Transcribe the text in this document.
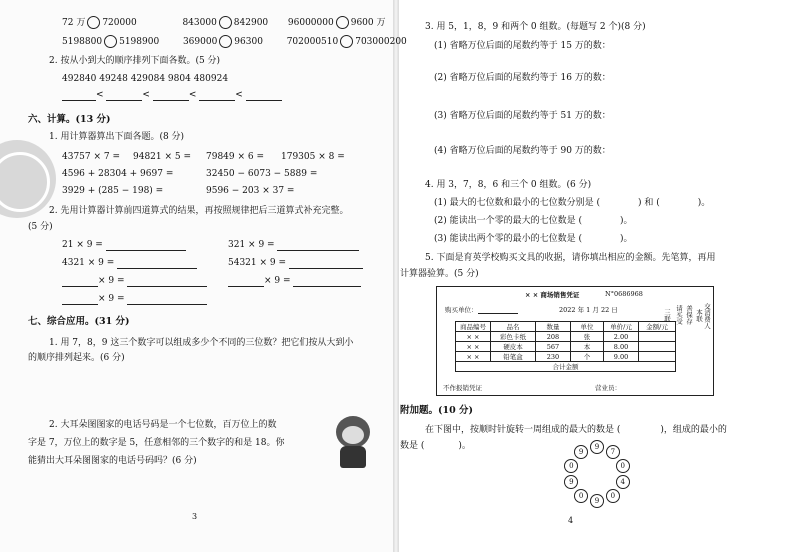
72 万 720000	843000 842900 96000000 9600 万
5198800 5198900	369000 96300	702000510 703000200
2. 按从小到大的顺序排列下面各数。(5 分)
492840 49248 429084 9804 480924
<	<	<	<
六、计算。(13 分)
1. 用计算器算出下面各题。(8 分)
43757 × 7 = 94821 × 5 = 79849 × 6 = 179305 × 8 =
4596 + 28304 + 9697 =	32450 − 6073 − 5889 =
3929 + (285 − 198) =	9596 − 203 × 37 =
2. 先用计算器计算前四道算式的结果，再按照规律把后三道算式补充完整。
(5 分)
21 × 9 =	321 × 9 =
4321 × 9 =	54321 × 9 =
× 9 =	× 9 =
× 9 =
七、综合应用。(31 分)
1. 用 7，8，9 这三个数字可以组成多少个不同的三位数？把它们按从大到小
的顺序排列起来。(6 分)
2. 大耳朵图图家的电话号码是一个七位数，百万位上的数
字是 7，万位上的数字是 5，任意相邻的三个数字的和是 18。你
能猜出大耳朵图图家的电话号码吗？(6 分)
3
3. 用 5，1，8，9 和两个 0 组数。(每题写 2 个)(8 分)
(1) 省略万位后面的尾数约等于 15 万的数：
(2) 省略万位后面的尾数约等于 16 万的数：
(3) 省略万位后面的尾数约等于 51 万的数：
(4) 省略万位后面的尾数约等于 90 万的数：
4. 用 3，7，8，6 和三个 0 组数。(6 分)
(1) 最大的七位数和最小的七位数分别是 (	) 和 (	)。
(2) 能读出一个零的最大的七位数是 (	)。
(3) 能读出两个零的最小的七位数是 (	)。
5. 下面是育英学校购买文具的收据，请你填出相应的金额。先笔算，再用
计算器验算。(5 分)
× × 商场销售凭证	N°0686968
购买单位：	2022 年 1 月 22 日
商品编号	品名	数量	单位	单价/元	金额/元
× ×	彩色卡纸	208	张	2.00	
× ×	硬皮本	567	本	8.00	
× ×	铅笔盒	230	个	9.00	
合计金额					
不作报销凭证	营业员：
三联 请买受 善保存 本联 交消费人
附加题。(10 分)
在下图中，按顺时针旋转一周组成的最大的数是 (	)，组成的最小的
数是 (	)。
4
9
7
0
4
0
9
0
9
0
9
